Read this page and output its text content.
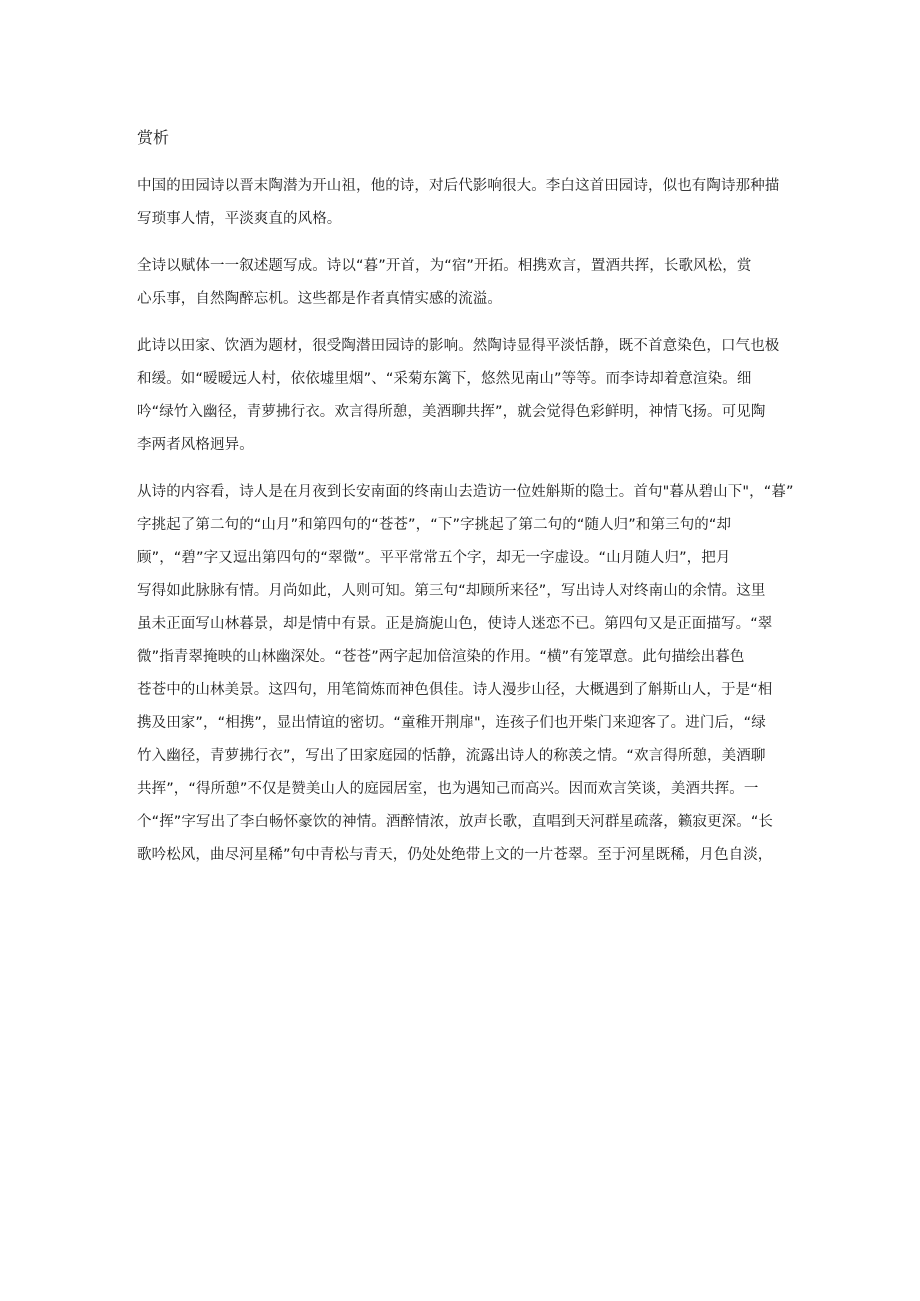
赏析
中国的田园诗以晋末陶潜为开山祖，他的诗，对后代影响很大。李白这首田园诗，似也有陶诗那种描
写琐事人情，平淡爽直的风格。
全诗以赋体一一叙述题写成。诗以“暮”开首，为“宿”开拓。相携欢言，置酒共挥，长歌风松，赏
心乐事，自然陶醉忘机。这些都是作者真情实感的流溢。
此诗以田家、饮酒为题材，很受陶潜田园诗的影响。然陶诗显得平淡恬静，既不首意染色，口气也极
和缓。如“暧暧远人村，依依墟里烟”、“采菊东篱下，悠然见南山”等等。而李诗却着意渲染。细
吟“绿竹入幽径，青萝拂行衣。欢言得所憩，美酒聊共挥”，就会觉得色彩鲜明，神情飞扬。可见陶
李两者风格迥异。
从诗的内容看，诗人是在月夜到长安南面的终南山去造访一位姓斛斯的隐士。首句"暮从碧山下"，“暮”
字挑起了第二句的“山月”和第四句的“苍苍”，“下”字挑起了第二句的“随人归”和第三句的“却
顾”，“碧”字又逗出第四句的“翠微”。平平常常五个字，却无一字虚设。“山月随人归”，把月
写得如此脉脉有情。月尚如此，人则可知。第三句“却顾所来径”，写出诗人对终南山的余情。这里
虽未正面写山林暮景，却是情中有景。正是旖旎山色，使诗人迷恋不已。第四句又是正面描写。“翠
微”指青翠掩映的山林幽深处。“苍苍”两字起加倍渲染的作用。“横”有笼罩意。此句描绘出暮色
苍苍中的山林美景。这四句，用笔简炼而神色俱佳。诗人漫步山径，大概遇到了斛斯山人，于是“相
携及田家”，“相携”，显出情谊的密切。“童稚开荆扉"，连孩子们也开柴门来迎客了。进门后，“绿
竹入幽径，青萝拂行衣”，写出了田家庭园的恬静，流露出诗人的称羡之情。“欢言得所憩，美酒聊
共挥”，“得所憩”不仅是赞美山人的庭园居室，也为遇知己而高兴。因而欢言笑谈，美酒共挥。一
个“挥”字写出了李白畅怀豪饮的神情。酒醉情浓，放声长歌，直唱到天河群星疏落，籁寂更深。“长
歌吟松风，曲尽河星稀”句中青松与青天，仍处处绝带上文的一片苍翠。至于河星既稀，月色自淡，
